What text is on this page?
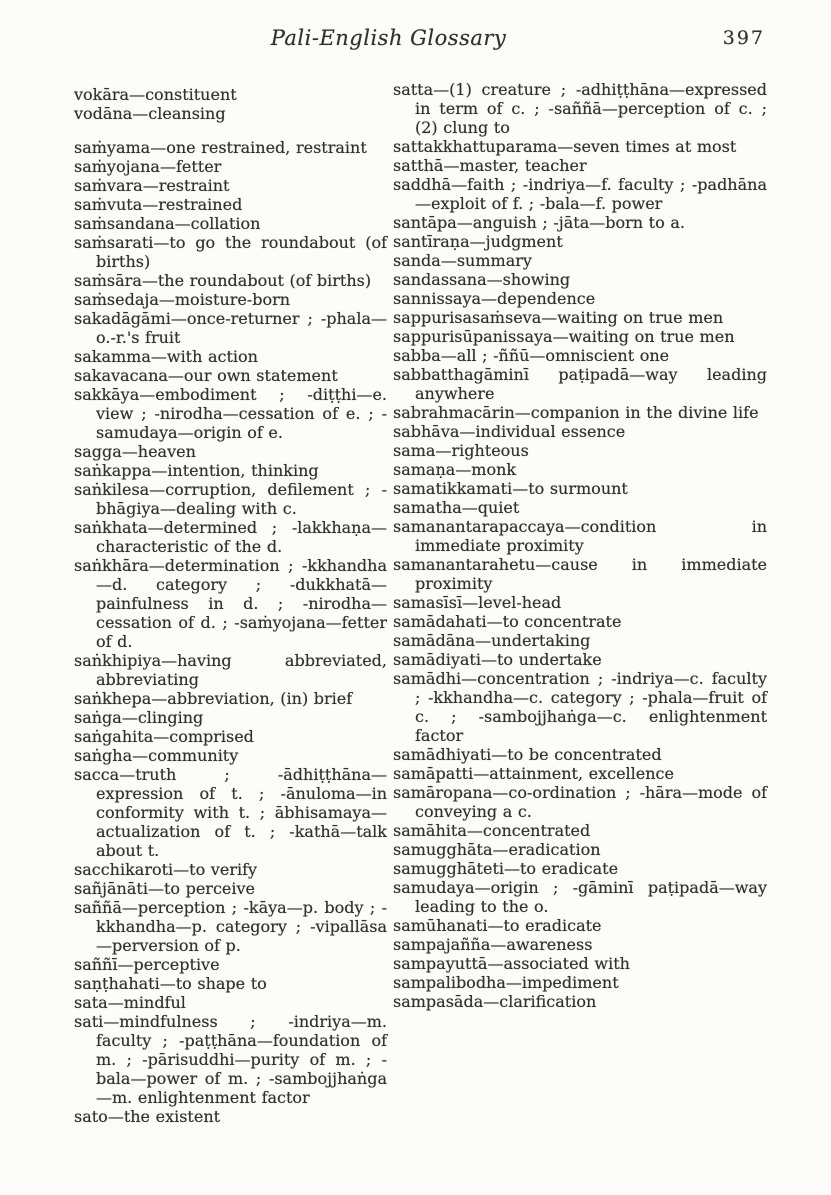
Pali-English Glossary	397

vokāra—constituent

vodāna—cleansing

saṁyama—one restrained, restraint

saṁyojana—fetter

saṁvara—restraint

saṁvuta—restrained

saṁsandana—collation

saṁsarati—to go the roundabout (of births)

saṁsāra—the roundabout (of births)

saṁsedaja—moisture-born

sakadāgāmi—once-returner ; -phala—o.-r.'s fruit

sakamma—with action

sakavacana—our own statement

sakkāya—embodiment ; -diṭṭhi—e. view ; -nirodha—cessation of e. ; -samudaya—origin of e.

sagga—heaven

saṅkappa—intention, thinking

saṅkilesa—corruption, defilement ; -bhāgiya—dealing with c.

saṅkhata—determined ; -lakkhaṇa—characteristic of the d.

saṅkhāra—determination ; -kkhandha—d. category ; -dukkhatā—painfulness in d. ; -nirodha—cessation of d. ; -saṁyojana—fetter of d.

saṅkhipiya—having abbreviated, abbreviating

saṅkhepa—abbreviation, (in) brief

saṅga—clinging

saṅgahita—comprised

saṅgha—community

sacca—truth ; -ādhiṭṭhāna—expression of t. ; -ānuloma—in conformity with t. ; ābhisamaya—actualization of t. ; -kathā—talk about t.

sacchikaroti—to verify

sañjānāti—to perceive

saññā—perception ; -kāya—p. body ; -kkhandha—p. category ; -vipallāsa—perversion of p.

saññī—perceptive

saṇṭhahati—to shape to

sata—mindful

sati—mindfulness ; -indriya—m. faculty ; -paṭṭhāna—foundation of m. ; -pārisuddhi—purity of m. ; -bala—power of m. ; -sambojjhaṅga—m. enlightenment factor

sato—the existent

satta—(1) creature ; -adhiṭṭhāna—expressed in term of c. ; -saññā—perception of c. ; (2) clung to

sattakkhattuparama—seven times at most

satthā—master, teacher

saddhā—faith ; -indriya—f. faculty ; -padhāna—exploit of f. ; -bala—f. power

santāpa—anguish ; -jāta—born to a.

santīraṇa—judgment

sanda—summary

sandassana—showing

sannissaya—dependence

sappurisasaṁseva—waiting on true men

sappurisūpanissaya—waiting on true men

sabba—all ; -ññū—omniscient one

sabbatthagāminī paṭipadā—way leading anywhere

sabrahmacārin—companion in the divine life

sabhāva—individual essence

sama—righteous

samaṇa—monk

samatikkamati—to surmount

samatha—quiet

samanantarapaccaya—condition in immediate proximity

samanantarahetu—cause in immediate proximity

samasīsī—level-head

samādahati—to concentrate

samādāna—undertaking

samādiyati—to undertake

samādhi—concentration ; -indriya—c. faculty ; -kkhandha—c. category ; -phala—fruit of c. ; -sambojjhaṅga—c. enlightenment factor

samādhiyati—to be concentrated

samāpatti—attainment, excellence

samāropana—co-ordination ; -hāra—mode of conveying a c.

samāhita—concentrated

samugghāta—eradication

samugghāteti—to eradicate

samudaya—origin ; -gāminī paṭipadā—way leading to the o.

samūhanati—to eradicate

sampajañña—awareness

sampayuttā—associated with

sampalibodha—impediment

sampasāda—clarification
